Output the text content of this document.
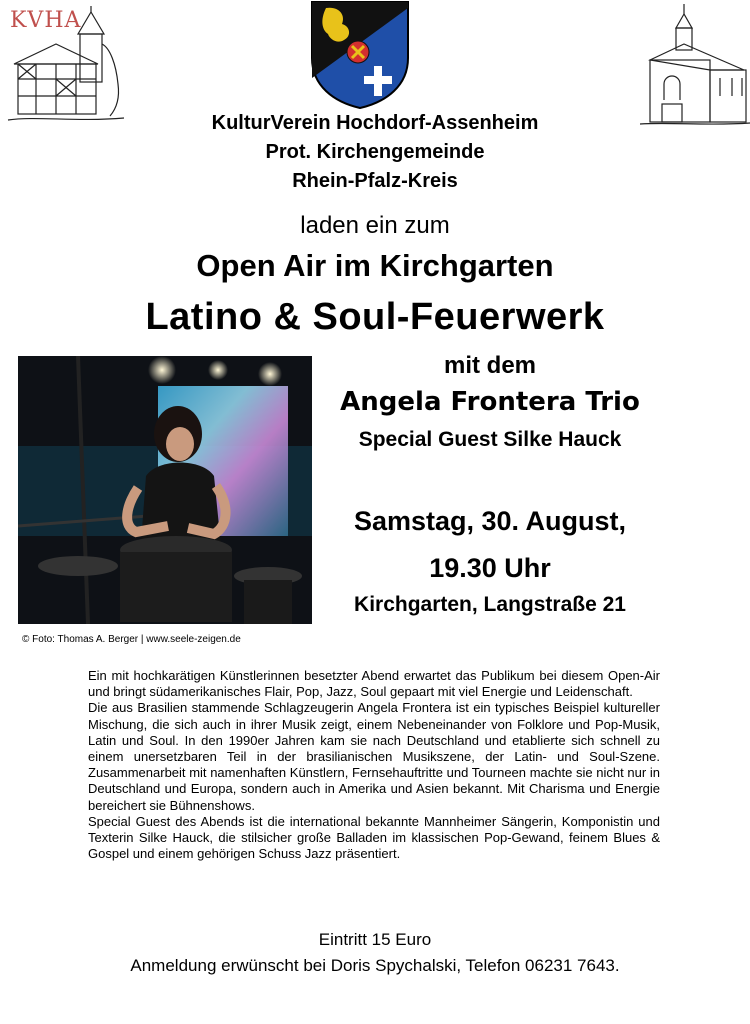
KVHA
KulturVerein Hochdorf-Assenheim
Prot. Kirchengemeinde
Rhein-Pfalz-Kreis
laden ein zum
Open Air im Kirchgarten
Latino & Soul-Feuerwerk
© Foto: Thomas A. Berger | www.seele-zeigen.de
mit dem
Angela Frontera Trio
Special Guest Silke Hauck
Samstag, 30. August,
19.30 Uhr
Kirchgarten, Langstraße 21

Ein mit hochkarätigen Künstlerinnen besetzter Abend erwartet das Publikum bei diesem Open-Air und bringt südamerikanisches Flair, Pop, Jazz, Soul gepaart mit viel Energie und Leidenschaft.

Die aus Brasilien stammende Schlagzeugerin Angela Frontera ist ein typisches Beispiel kultureller Mischung, die sich auch in ihrer Musik zeigt, einem Nebeneinander von Folklore und Pop-Musik, Latin und Soul. In den 1990er Jahren kam sie nach Deutschland und etablierte sich schnell zu einem unersetzbaren Teil in der brasilianischen Musikszene, der Latin- und Soul-Szene. Zusammenarbeit mit namenhaften Künstlern, Fernsehauftritte und Tourneen machte sie nicht nur in Deutschland und Europa, sondern auch in Amerika und Asien bekannt. Mit Charisma und Energie bereichert sie Bühnenshows.

Special Guest des Abends ist die international bekannte Mannheimer Sängerin, Komponistin und Texterin Silke Hauck, die stilsicher große Balladen im klassischen Pop-Gewand, feinem Blues & Gospel und einem gehörigen Schuss Jazz präsentiert.

Eintritt 15 Euro
Anmeldung erwünscht bei Doris Spychalski, Telefon 06231 7643.
